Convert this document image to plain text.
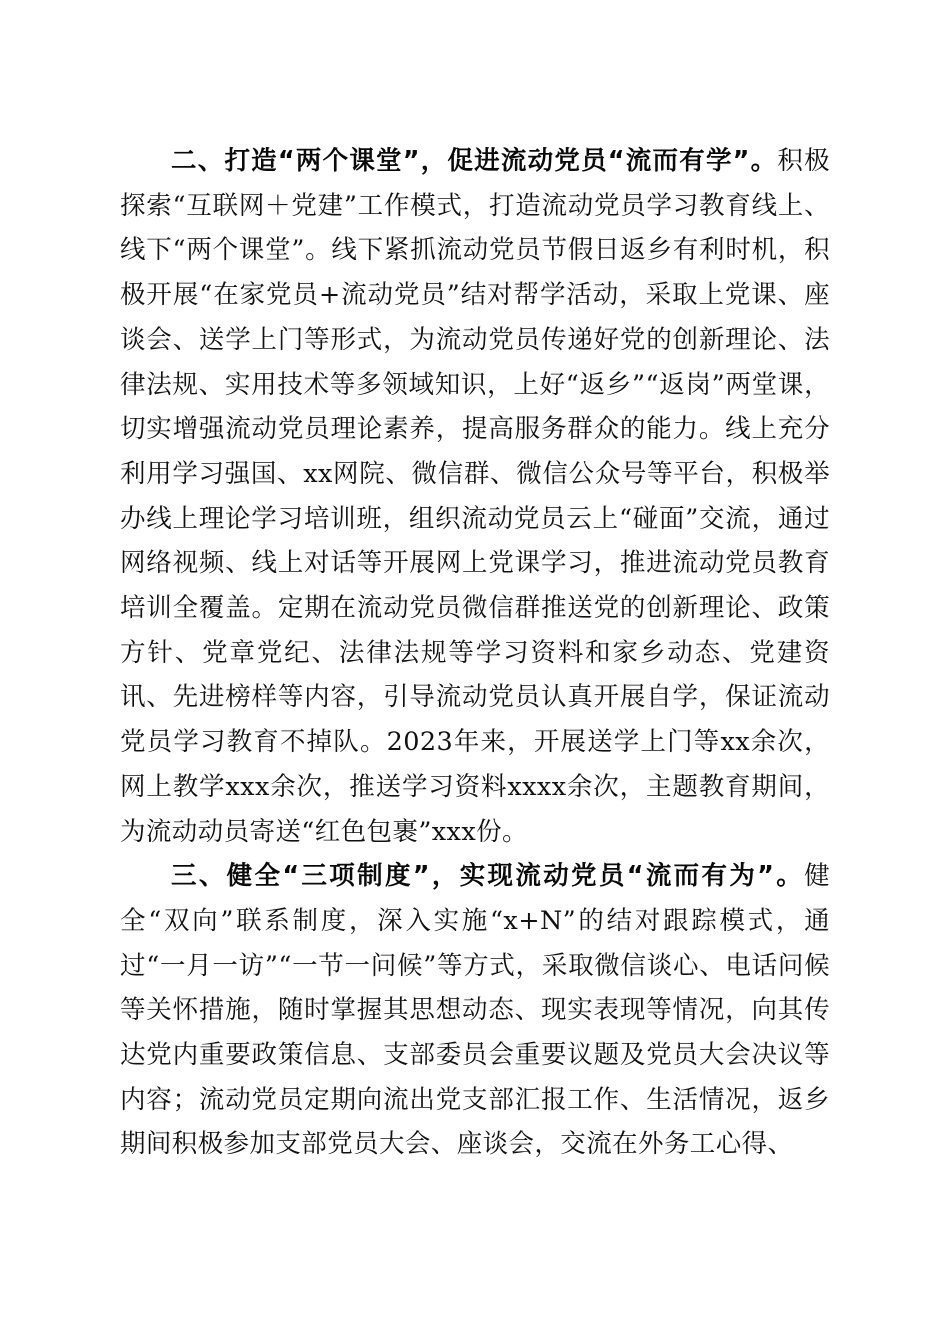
二、打造“两个课堂”，促进流动党员“流而有学”。积极探索“互联网＋党建”工作模式，打造流动党员学习教育线上、线下“两个课堂”。线下紧抓流动党员节假日返乡有利时机，积极开展“在家党员+流动党员”结对帮学活动，采取上党课、座谈会、送学上门等形式，为流动党员传递好党的创新理论、法律法规、实用技术等多领域知识，上好“返乡”“返岗”两堂课，切实增强流动党员理论素养，提高服务群众的能力。线上充分利用学习强国、xx网院、微信群、微信公众号等平台，积极举办线上理论学习培训班，组织流动党员云上“碰面”交流，通过网络视频、线上对话等开展网上党课学习，推进流动党员教育培训全覆盖。定期在流动党员微信群推送党的创新理论、政策方针、党章党纪、法律法规等学习资料和家乡动态、党建资讯、先进榜样等内容，引导流动党员认真开展自学，保证流动党员学习教育不掉队。2023年来，开展送学上门等xx余次，网上教学xxx余次，推送学习资料xxxx余次，主题教育期间，为流动动员寄送“红色包裹”xxx份。

三、健全“三项制度”，实现流动党员“流而有为”。健全“双向”联系制度，深入实施“x+N”的结对跟踪模式，通过“一月一访”“一节一问候”等方式，采取微信谈心、电话问候等关怀措施，随时掌握其思想动态、现实表现等情况，向其传达党内重要政策信息、支部委员会重要议题及党员大会决议等内容；流动党员定期向流出党支部汇报工作、生活情况，返乡期间积极参加支部党员大会、座谈会，交流在外务工心得、
